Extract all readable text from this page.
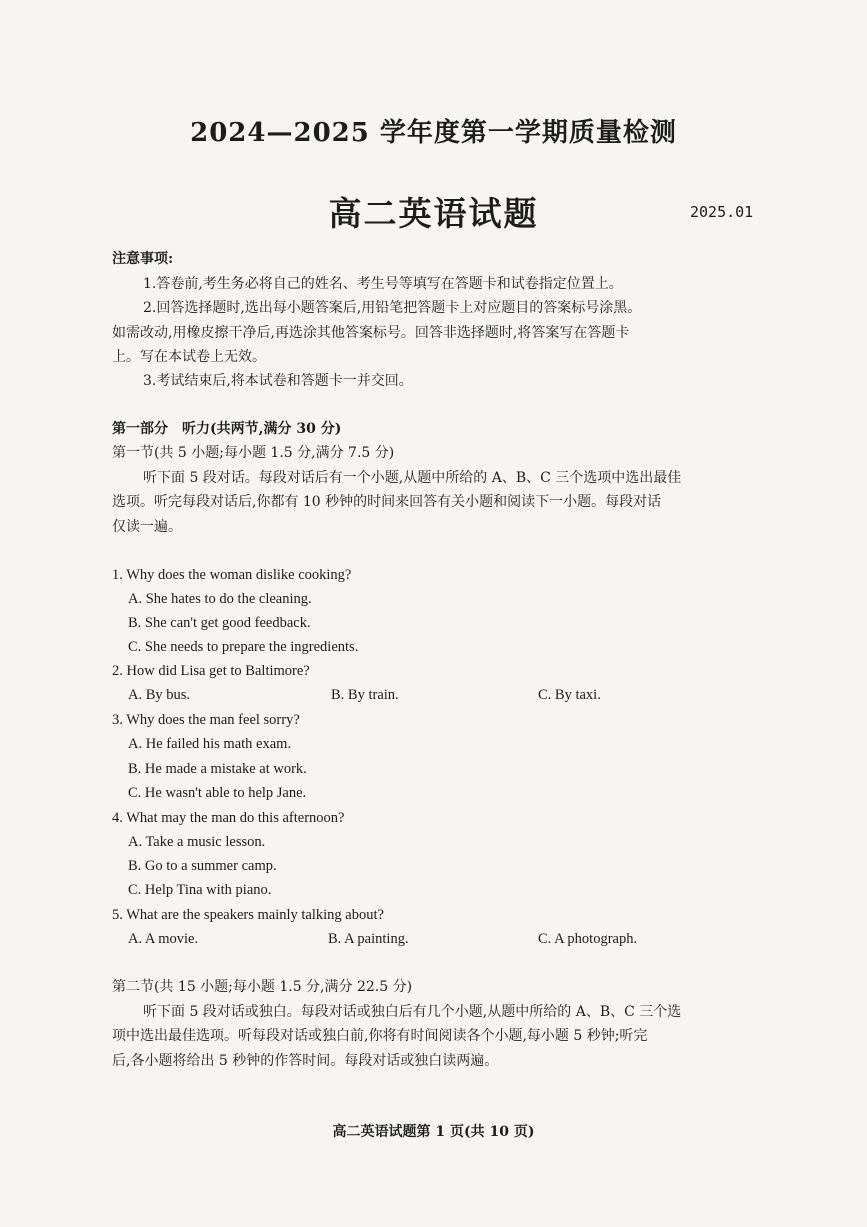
2024—2025 学年度第一学期质量检测
高二英语试题	2025.01
注意事项:
1.答卷前,考生务必将自己的姓名、考生号等填写在答题卡和试卷指定位置上。
2.回答选择题时,选出每小题答案后,用铅笔把答题卡上对应题目的答案标号涂黑。
如需改动,用橡皮擦干净后,再选涂其他答案标号。回答非选择题时,将答案写在答题卡
上。写在本试卷上无效。
3.考试结束后,将本试卷和答题卡一并交回。
第一部分　听力(共两节,满分 30 分)
第一节(共 5 小题;每小题 1.5 分,满分 7.5 分)
听下面 5 段对话。每段对话后有一个小题,从题中所给的 A、B、C 三个选项中选出最佳
选项。听完每段对话后,你都有 10 秒钟的时间来回答有关小题和阅读下一小题。每段对话
仅读一遍。
1. Why does the woman dislike cooking?
A. She hates to do the cleaning.
B. She can't get good feedback.
C. She needs to prepare the ingredients.
2. How did Lisa get to Baltimore?
A. By bus.	B. By train.	C. By taxi.
3. Why does the man feel sorry?
A. He failed his math exam.
B. He made a mistake at work.
C. He wasn't able to help Jane.
4. What may the man do this afternoon?
A. Take a music lesson.
B. Go to a summer camp.
C. Help Tina with piano.
5. What are the speakers mainly talking about?
A. A movie.	B. A painting.	C. A photograph.
第二节(共 15 小题;每小题 1.5 分,满分 22.5 分)
听下面 5 段对话或独白。每段对话或独白后有几个小题,从题中所给的 A、B、C 三个选
项中选出最佳选项。听每段对话或独白前,你将有时间阅读各个小题,每小题 5 秒钟;听完
后,各小题将给出 5 秒钟的作答时间。每段对话或独白读两遍。
高二英语试题第 1 页(共 10 页)
